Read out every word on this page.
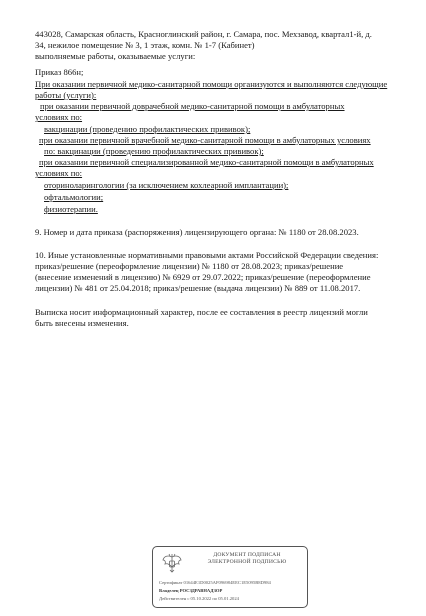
443028, Самарская область, Красноглинский район, г. Самара, пос. Мехзавод, квартал1-й, д.
34, нежилое помещение № 3, 1 этаж, комн. № 1-7 (Кабинет)
выполняемые работы, оказываемые услуги:
Приказ 866н;
При оказании первичной медико-санитарной помощи организуются и выполняются следующие
работы (услуги):
при оказании первичной доврачебной медико-санитарной помощи в амбулаторных
условиях по:
вакцинации (проведению профилактических прививок);
при оказании первичной врачебной медико-санитарной помощи в амбулаторных условиях
по: вакцинации (проведению профилактических прививок);
при оказании первичной специализированной медико-санитарной помощи в амбулаторных
условиях по:
оториноларингологии (за исключением кохлеарной имплантации);
офтальмологии;
физиотерапии.
9. Номер и дата приказа (распоряжения) лицензирующего органа: № 1180 от 28.08.2023.
10. Иные установленные нормативными правовыми актами Российской Федерации сведения:
приказ/решение (переоформление лицензии) № 1180 от 28.08.2023; приказ/решение
(внесение изменений в лицензию) № 6929 от 29.07.2022; приказ/решение (переоформление
лицензии) № 481 от 25.04.2018; приказ/решение (выдача лицензии) № 889 от 11.08.2017.
Выписка носит информационный характер, после ее составления в реестр лицензий могли
быть внесены изменения.
ДОКУМЕНТ ПОДПИСАН
ЭЛЕКТРОННОЙ ПОДПИСЬЮ
Сертификат 01644E1D0025AF096984EEC1E5095B8D984
Владелец РОСЗДРАВНАДЗОР
Действителен с 05.10.2022 по 05.01.2024
